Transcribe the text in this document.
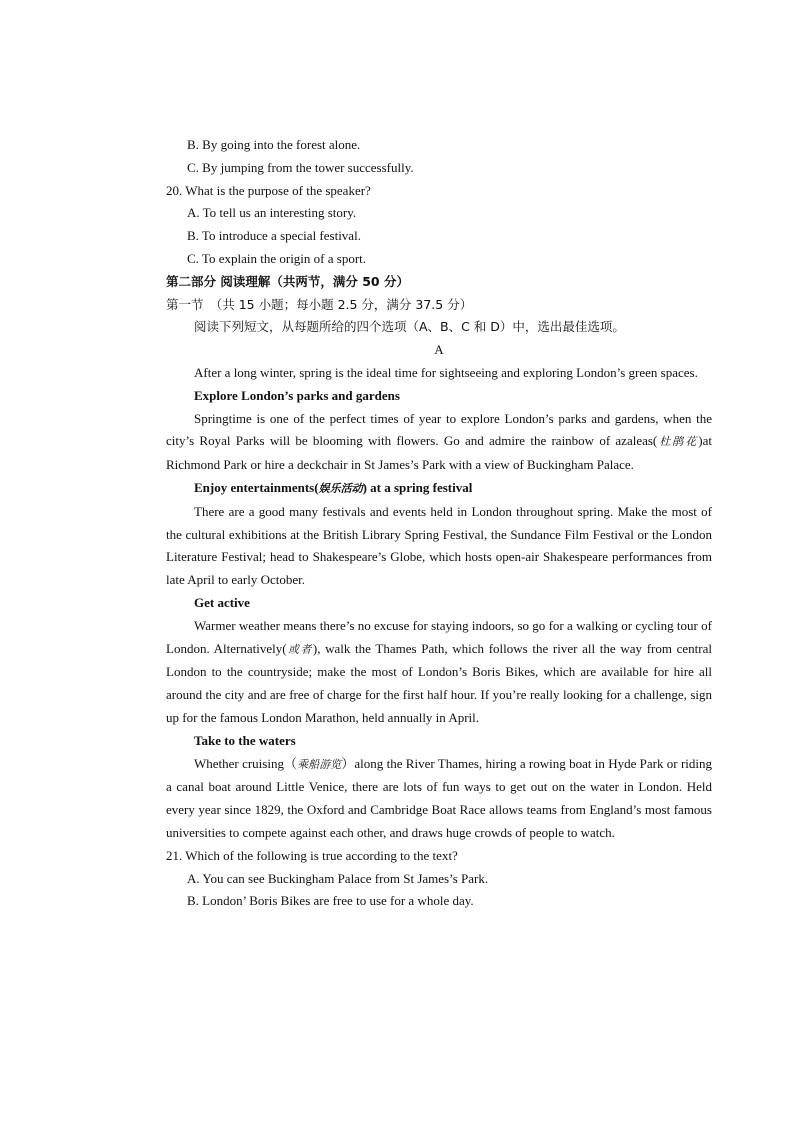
B. By going into the forest alone.
C. By jumping from the tower successfully.
20. What is the purpose of the speaker?
A. To tell us an interesting story.
B. To introduce a special festival.
C. To explain the origin of a sport.
第二部分 阅读理解（共两节，满分 50 分）
第一节　（共 15 小题；每小题 2.5 分，满分 37.5 分）
阅读下列短文，从每题所给的四个选项（A、B、C 和 D）中，选出最佳选项。
A

After a long winter, spring is the ideal time for sightseeing and exploring London’s green spaces.

Explore London’s parks and gardens

Springtime is one of the perfect times of year to explore London’s parks and gardens, when the city’s Royal Parks will be blooming with flowers. Go and admire the rainbow of azaleas(杜鹃花)at Richmond Park or hire a deckchair in St James’s Park with a view of Buckingham Palace.

Enjoy entertainments(娱乐活动) at a spring festival

There are a good many festivals and events held in London throughout spring. Make the most of the cultural exhibitions at the British Library Spring Festival, the Sundance Film Festival or the London Literature Festival; head to Shakespeare’s Globe, which hosts open-air Shakespeare performances from late April to early October.

Get active

Warmer weather means there’s no excuse for staying indoors, so go for a walking or cycling tour of London. Alternatively(或者), walk the Thames Path, which follows the river all the way from central London to the countryside; make the most of London’s Boris Bikes, which are available for hire all around the city and are free of charge for the first half hour. If you’re really looking for a challenge, sign up for the famous London Marathon, held annually in April.

Take to the waters

Whether cruising（乘船游览）along the River Thames, hiring a rowing boat in Hyde Park or riding a canal boat around Little Venice, there are lots of fun ways to get out on the water in London. Held every year since 1829, the Oxford and Cambridge Boat Race allows teams from England’s most famous universities to compete against each other, and draws huge crowds of people to watch.

21. Which of the following is true according to the text?
A. You can see Buckingham Palace from St James’s Park.
B. London’ Boris Bikes are free to use for a whole day.
